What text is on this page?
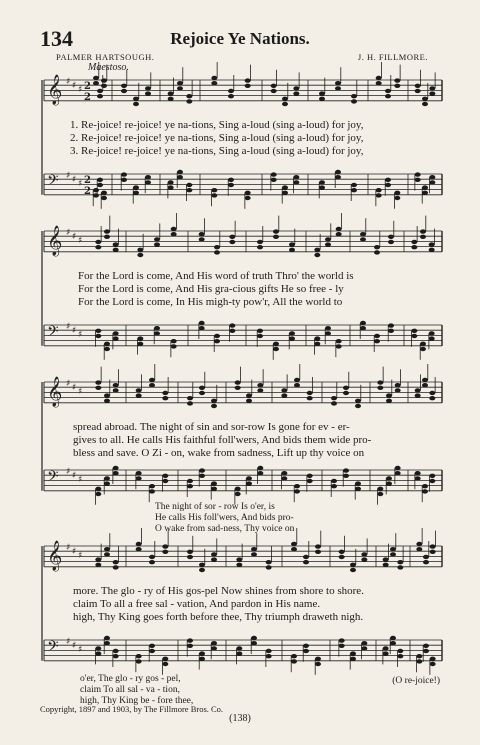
134	Rejoice Ye Nations.
PALMER HARTSOUGH.	J. H. FILLMORE.
Maestoso.
𝄞 ♯ ♯ ♯
𝄢 ♯ ♯ ♯
𝄞 ♯ ♯ ♯
𝄢 ♯ ♯ ♯
𝄞 ♯ ♯ ♯
𝄢 ♯ ♯ ♯
𝄞 ♯ ♯ ♯
𝄢 ♯ ♯ ♯
2
2
2
2
1. Re-joice! re-joice! ye na-tions, Sing a-loud (sing a-loud) for joy,
2. Re-joice! re-joice! ye na-tions, Sing a-loud (sing a-loud) for joy,
3. Re-joice! re-joice! ye na-tions, Sing a-loud (sing a-loud) for joy,
For the Lord is come, And His word of truth Thro' the world is
For the Lord is come, And His gra-cious gifts He so free - ly
For the Lord is come, In His migh-ty pow'r, All the world to
spread abroad. The night of sin and sor-row Is gone for ev - er-
gives to all. He calls His faithful foll'wers, And bids them wide pro-
bless and save. O Zi - on, wake from sadness, Lift up thy voice on
The night of sor - row Is o'er, is
He calls His foll'wers, And bids pro-
O wake from sad-ness, Thy voice on
more. The glo - ry of His gos-pel Now shines from shore to shore.
claim To all a free sal - vation, And pardon in His name.
high, Thy King goes forth before thee, Thy triumph draweth nigh.
o'er, The glo - ry gos - pel,
claim To all sal - va - tion,
high, Thy King be - fore thee,
(O re-joice!)
Copyright, 1897 and 1903, by The Fillmore Bros. Co.
(138)
